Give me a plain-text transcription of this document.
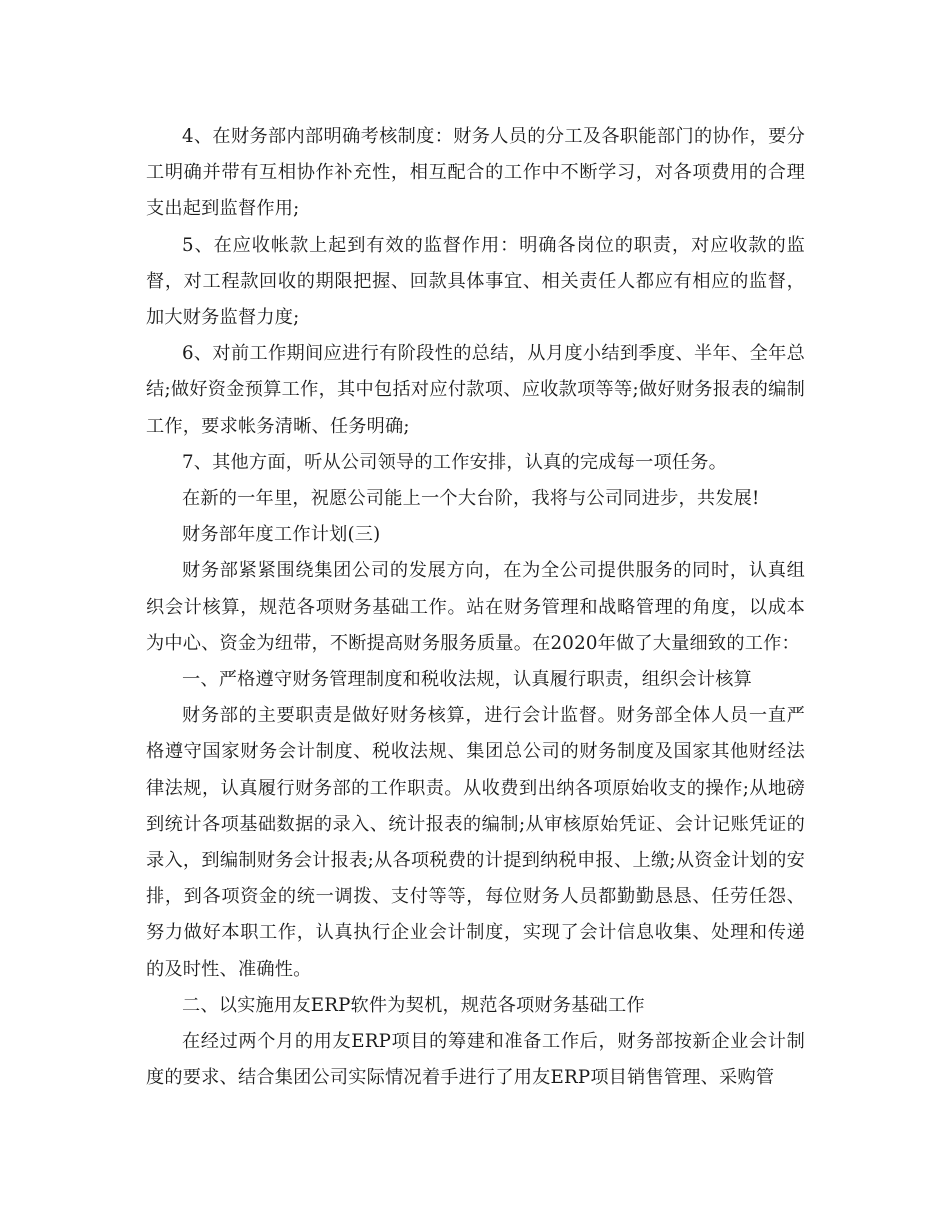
4、在财务部内部明确考核制度：财务人员的分工及各职能部门的协作，要分工明确并带有互相协作补充性，相互配合的工作中不断学习，对各项费用的合理支出起到监督作用;

5、在应收帐款上起到有效的监督作用：明确各岗位的职责，对应收款的监督，对工程款回收的期限把握、回款具体事宜、相关责任人都应有相应的监督，加大财务监督力度;

6、对前工作期间应进行有阶段性的总结，从月度小结到季度、半年、全年总结;做好资金预算工作，其中包括对应付款项、应收款项等等;做好财务报表的编制工作，要求帐务清晰、任务明确;

7、其他方面，听从公司领导的工作安排，认真的完成每一项任务。

在新的一年里，祝愿公司能上一个大台阶，我将与公司同进步，共发展!

财务部年度工作计划(三)

财务部紧紧围绕集团公司的发展方向，在为全公司提供服务的同时，认真组织会计核算，规范各项财务基础工作。站在财务管理和战略管理的角度，以成本为中心、资金为纽带，不断提高财务服务质量。在2020年做了大量细致的工作：

一、严格遵守财务管理制度和税收法规，认真履行职责，组织会计核算

财务部的主要职责是做好财务核算，进行会计监督。财务部全体人员一直严格遵守国家财务会计制度、税收法规、集团总公司的财务制度及国家其他财经法律法规，认真履行财务部的工作职责。从收费到出纳各项原始收支的操作;从地磅到统计各项基础数据的录入、统计报表的编制;从审核原始凭证、会计记账凭证的录入，到编制财务会计报表;从各项税费的计提到纳税申报、上缴;从资金计划的安排，到各项资金的统一调拨、支付等等，每位财务人员都勤勤恳恳、任劳任怨、努力做好本职工作，认真执行企业会计制度，实现了会计信息收集、处理和传递的及时性、准确性。

二、以实施用友ERP软件为契机，规范各项财务基础工作

在经过两个月的用友ERP项目的筹建和准备工作后，财务部按新企业会计制度的要求、结合集团公司实际情况着手进行了用友ERP项目销售管理、采购管
